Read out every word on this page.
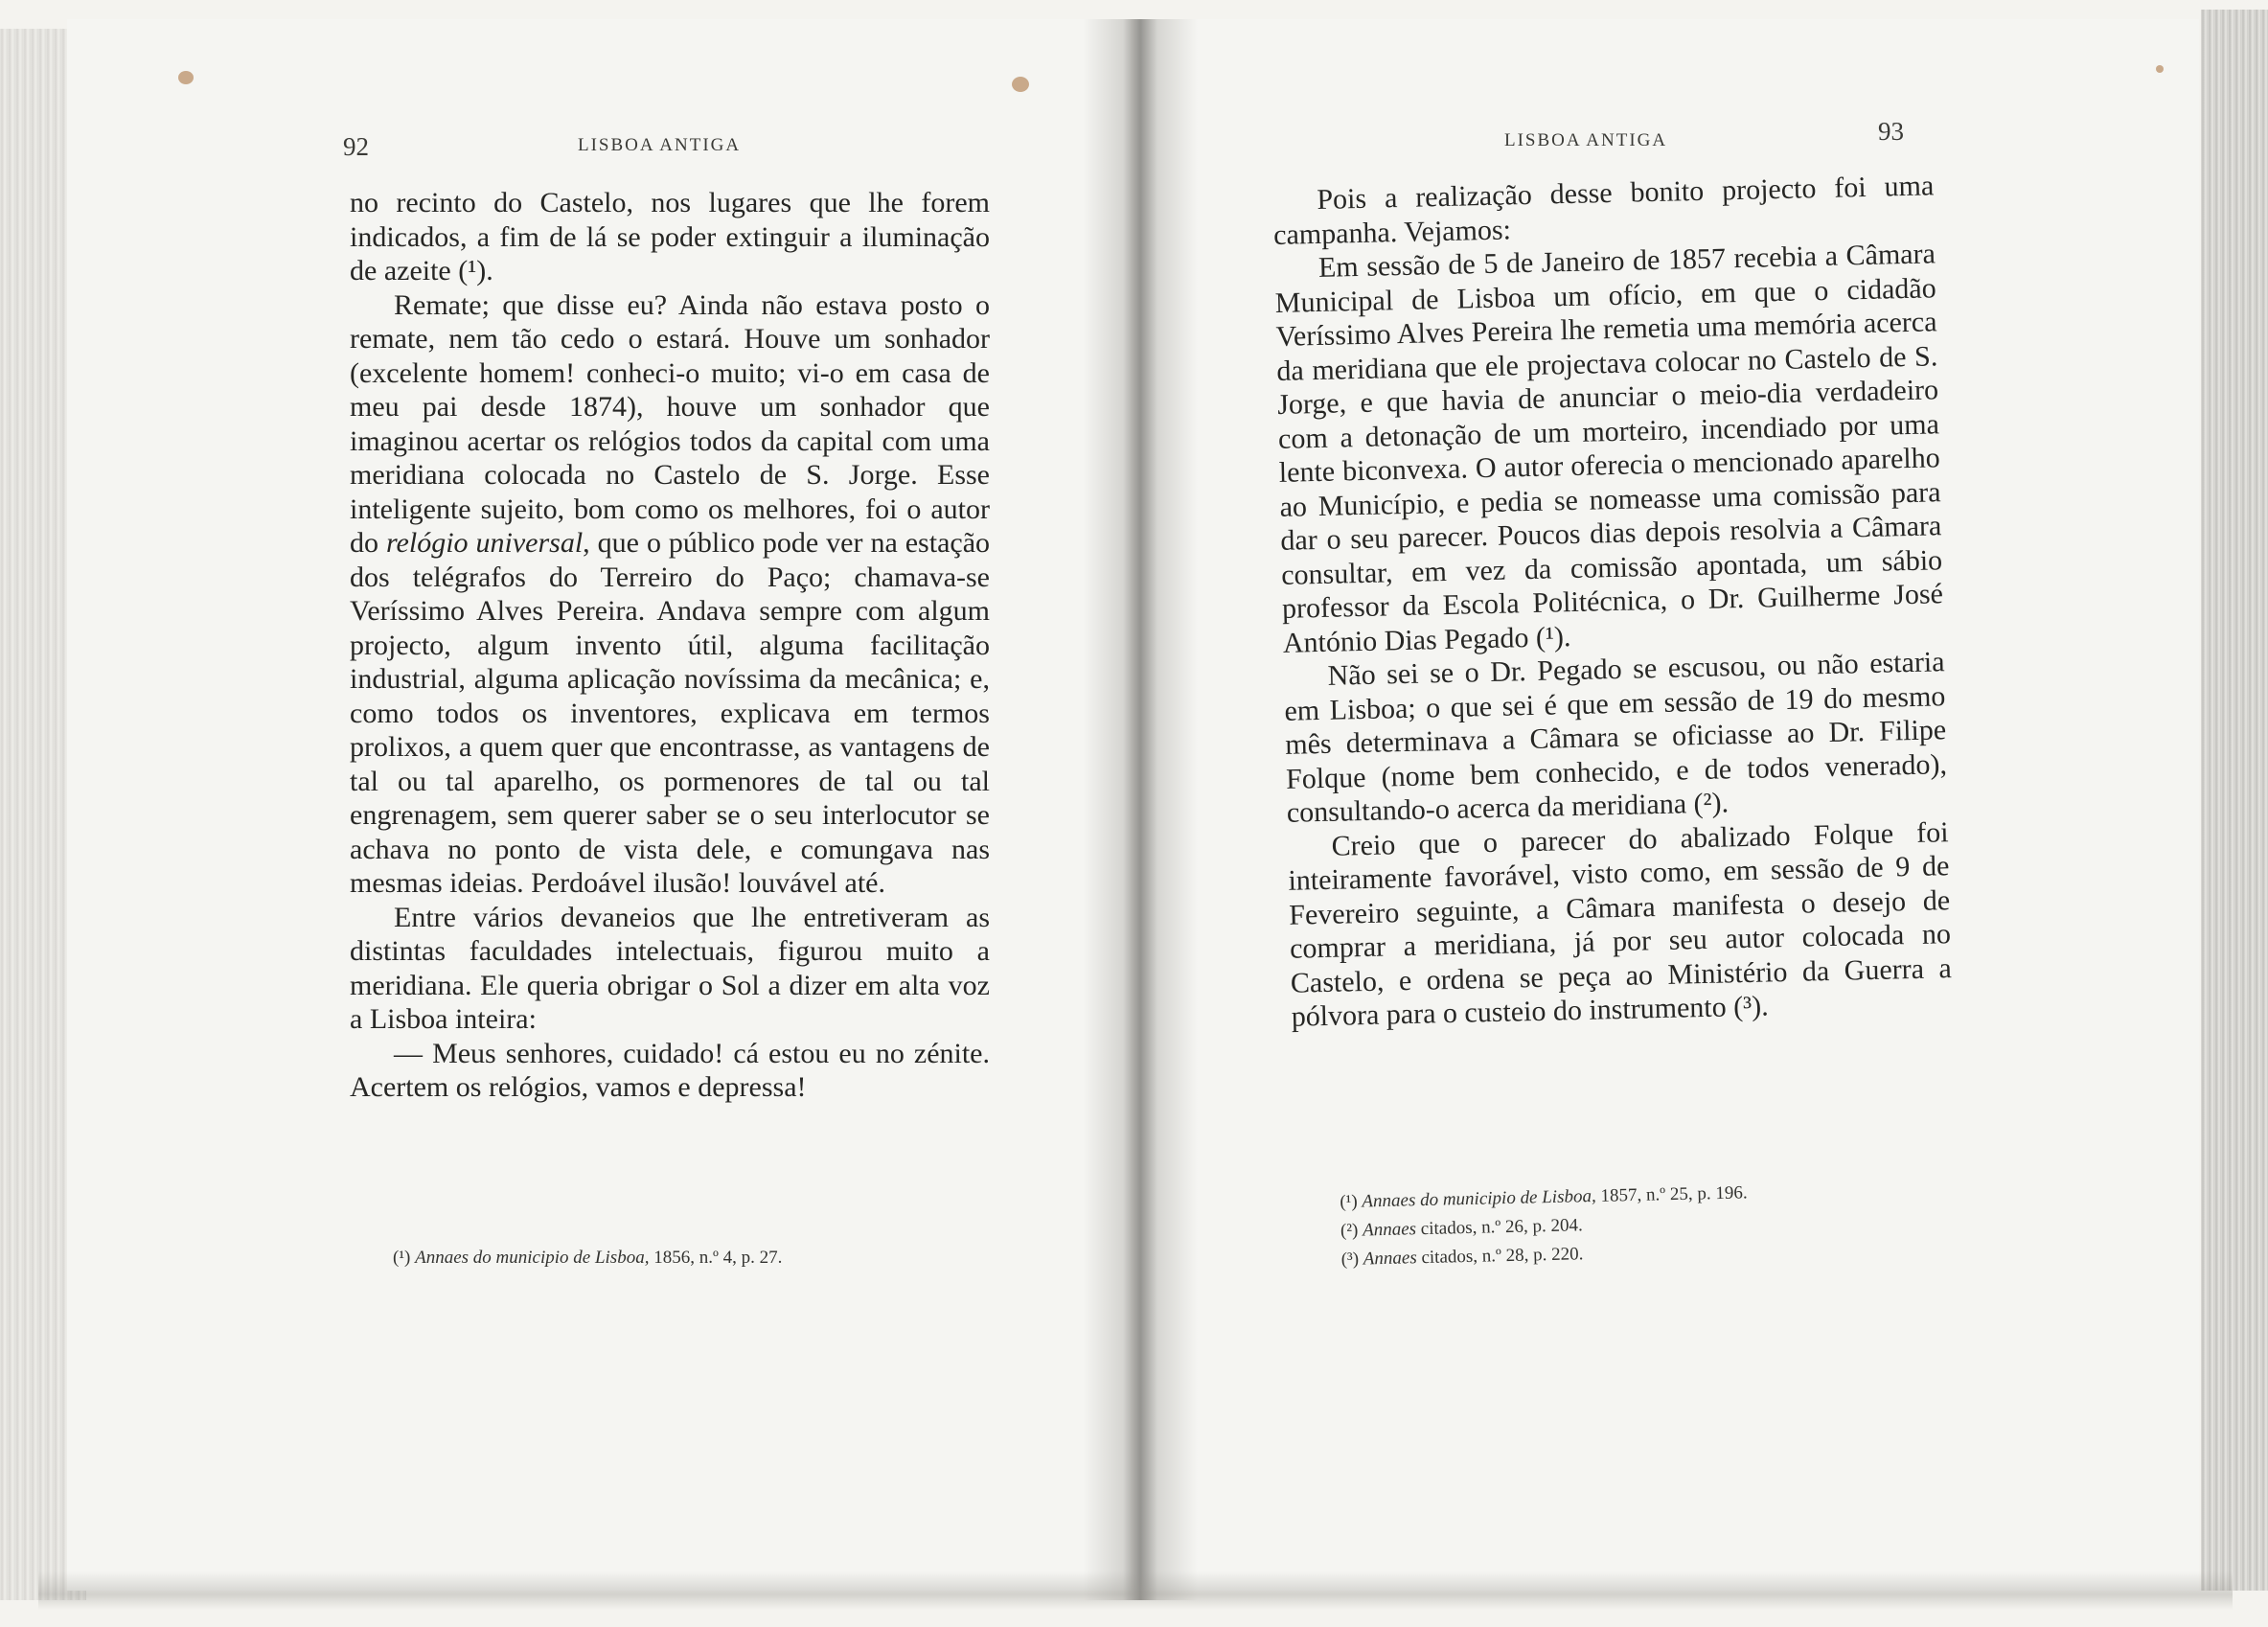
92	LISBOA ANTIGA

no recinto do Castelo, nos lugares que lhe forem indicados, a fim de lá se poder extinguir a iluminação de azeite (¹).

Remate; que disse eu? Ainda não estava posto o remate, nem tão cedo o estará. Houve um sonhador (excelente homem! conheci-o muito; vi-o em casa de meu pai desde 1874), houve um sonhador que imaginou acertar os relógios todos da capital com uma meridiana colocada no Castelo de S. Jorge. Esse inteligente sujeito, bom como os melhores, foi o autor do relógio universal, que o público pode ver na estação dos telégrafos do Terreiro do Paço; chamava-se Veríssimo Alves Pereira. Andava sempre com algum projecto, algum invento útil, alguma facilitação industrial, alguma aplicação novíssima da mecânica; e, como todos os inventores, explicava em termos prolixos, a quem quer que encontrasse, as vantagens de tal ou tal aparelho, os pormenores de tal ou tal engrenagem, sem querer saber se o seu interlocutor se achava no ponto de vista dele, e comungava nas mesmas ideias. Perdoável ilusão! louvável até.

Entre vários devaneios que lhe entretiveram as distintas faculdades intelectuais, figurou muito a meridiana. Ele queria obrigar o Sol a dizer em alta voz a Lisboa inteira:

— Meus senhores, cuidado! cá estou eu no zénite. Acertem os relógios, vamos e depressa!

(¹) Annaes do municipio de Lisboa, 1856, n.º 4, p. 27.

LISBOA ANTIGA	93

Pois a realização desse bonito projecto foi uma campanha. Vejamos:

Em sessão de 5 de Janeiro de 1857 recebia a Câmara Municipal de Lisboa um ofício, em que o cidadão Veríssimo Alves Pereira lhe remetia uma memória acerca da meridiana que ele projectava colocar no Castelo de S. Jorge, e que havia de anunciar o meio-dia verdadeiro com a detonação de um morteiro, incendiado por uma lente biconvexa. O autor oferecia o mencionado aparelho ao Município, e pedia se nomeasse uma comissão para dar o seu parecer. Poucos dias depois resolvia a Câmara consultar, em vez da comissão apontada, um sábio professor da Escola Politécnica, o Dr. Guilherme José António Dias Pegado (¹).

Não sei se o Dr. Pegado se escusou, ou não estaria em Lisboa; o que sei é que em sessão de 19 do mesmo mês determinava a Câmara se oficiasse ao Dr. Filipe Folque (nome bem conhecido, e de todos venerado), consultando-o acerca da meridiana (²).

Creio que o parecer do abalizado Folque foi inteiramente favorável, visto como, em sessão de 9 de Fevereiro seguinte, a Câmara manifesta o desejo de comprar a meridiana, já por seu autor colocada no Castelo, e ordena se peça ao Ministério da Guerra a pólvora para o custeio do instrumento (³).

(¹) Annaes do municipio de Lisboa, 1857, n.º 25, p. 196.

(²) Annaes citados, n.º 26, p. 204.

(³) Annaes citados, n.º 28, p. 220.
